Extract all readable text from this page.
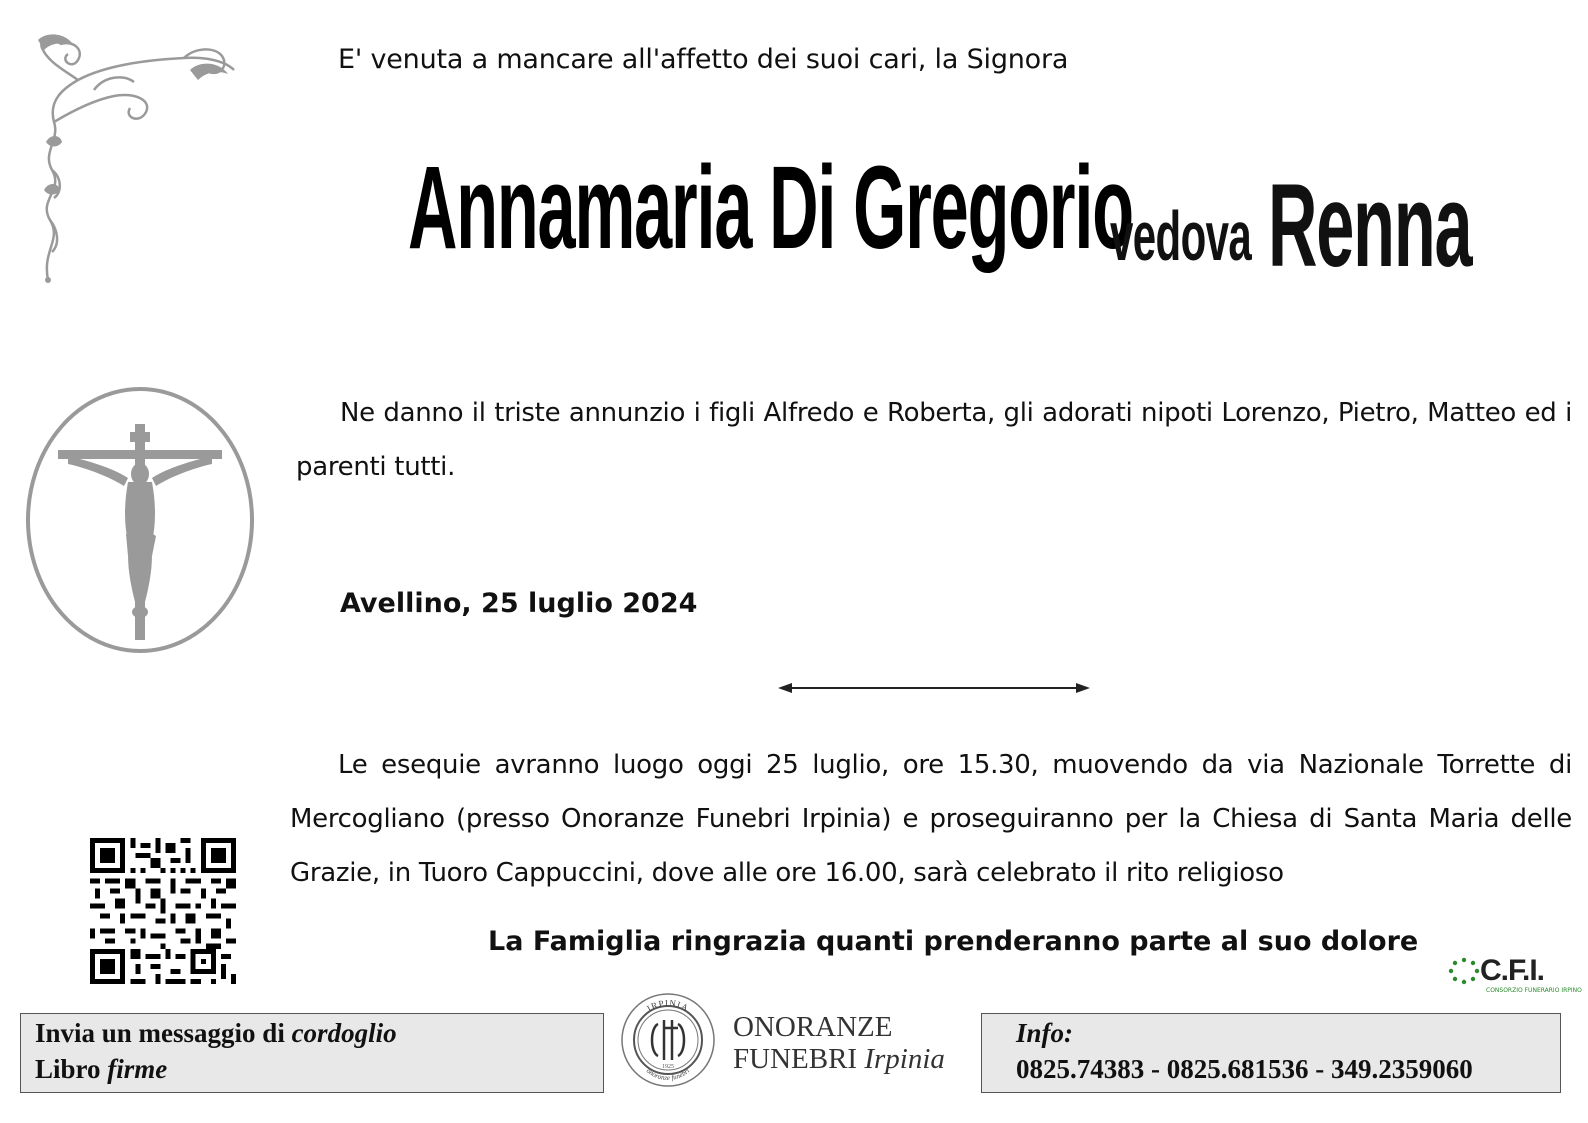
E' venuta a mancare all'affetto dei suoi cari, la Signora
Annamaria Di Gregorio
vedova Renna
Ne danno il triste annunzio i figli Alfredo e Roberta, gli adorati nipoti Lorenzo, Pietro, Matteo ed i parenti tutti.
Avellino, 25 luglio 2024
Le esequie avranno luogo oggi 25 luglio, ore 15.30, muovendo da via Nazionale Torrette di Mercogliano (presso Onoranze Funebri Irpinia) e proseguiranno per la Chiesa di Santa Maria delle Grazie, in Tuoro Cappuccini, dove alle ore 16.00, sarà celebrato il rito religioso
La Famiglia ringrazia quanti prenderanno parte al suo dolore
C.F.I.
CONSORZIO FUNERARIO IRPINO
Invia un messaggio di cordoglio
Libro firme
IRPINIA
onoranze funebri
1925
ONORANZE
FUNEBRI Irpinia
Info:
0825.74383 - 0825.681536 - 349.2359060
